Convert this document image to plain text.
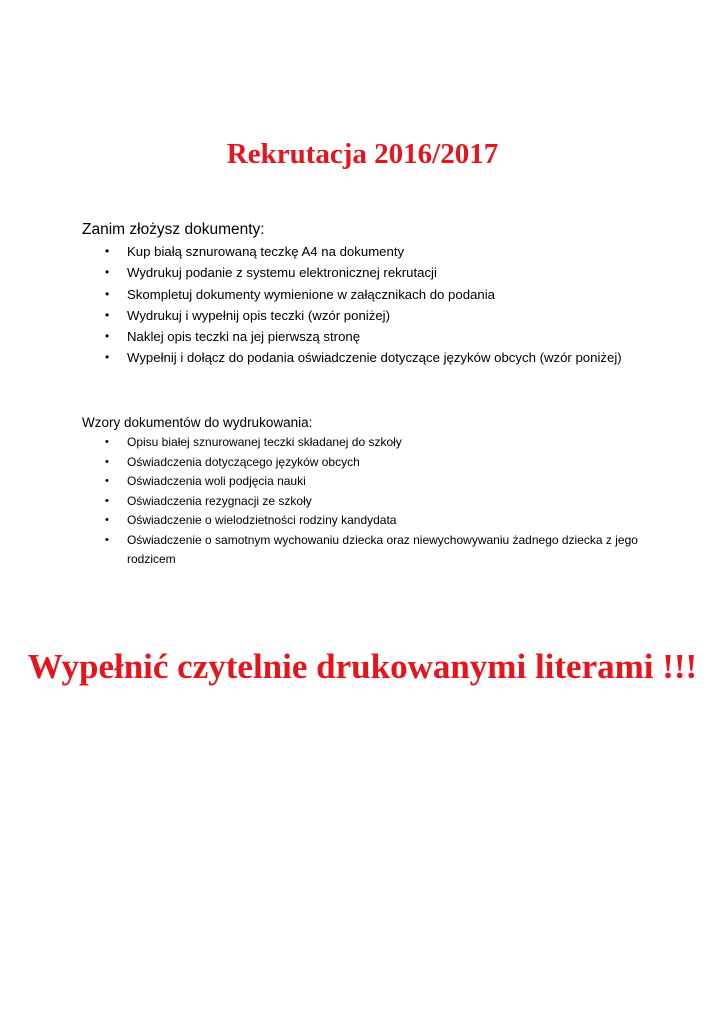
Rekrutacja 2016/2017

Zanim złożysz dokumenty:

• Kup białą sznurowaną teczkę A4 na dokumenty
• Wydrukuj podanie z systemu elektronicznej rekrutacji
• Skompletuj dokumenty wymienione w załącznikach do podania
• Wydrukuj i wypełnij opis teczki (wzór poniżej)
• Naklej opis teczki na jej pierwszą stronę
• Wypełnij i dołącz do podania oświadczenie dotyczące języków obcych (wzór poniżej)

Wzory dokumentów do wydrukowania:

• Opisu białej sznurowanej teczki składanej do szkoły
• Oświadczenia dotyczącego języków obcych
• Oświadczenia woli podjęcia nauki
• Oświadczenia rezygnacji ze szkoły
• Oświadczenie o wielodzietności rodziny kandydata
• Oświadczenie o samotnym wychowaniu dziecka oraz niewychowywaniu żadnego dziecka z jego rodzicem

Wypełnić czytelnie drukowanymi literami !!!
